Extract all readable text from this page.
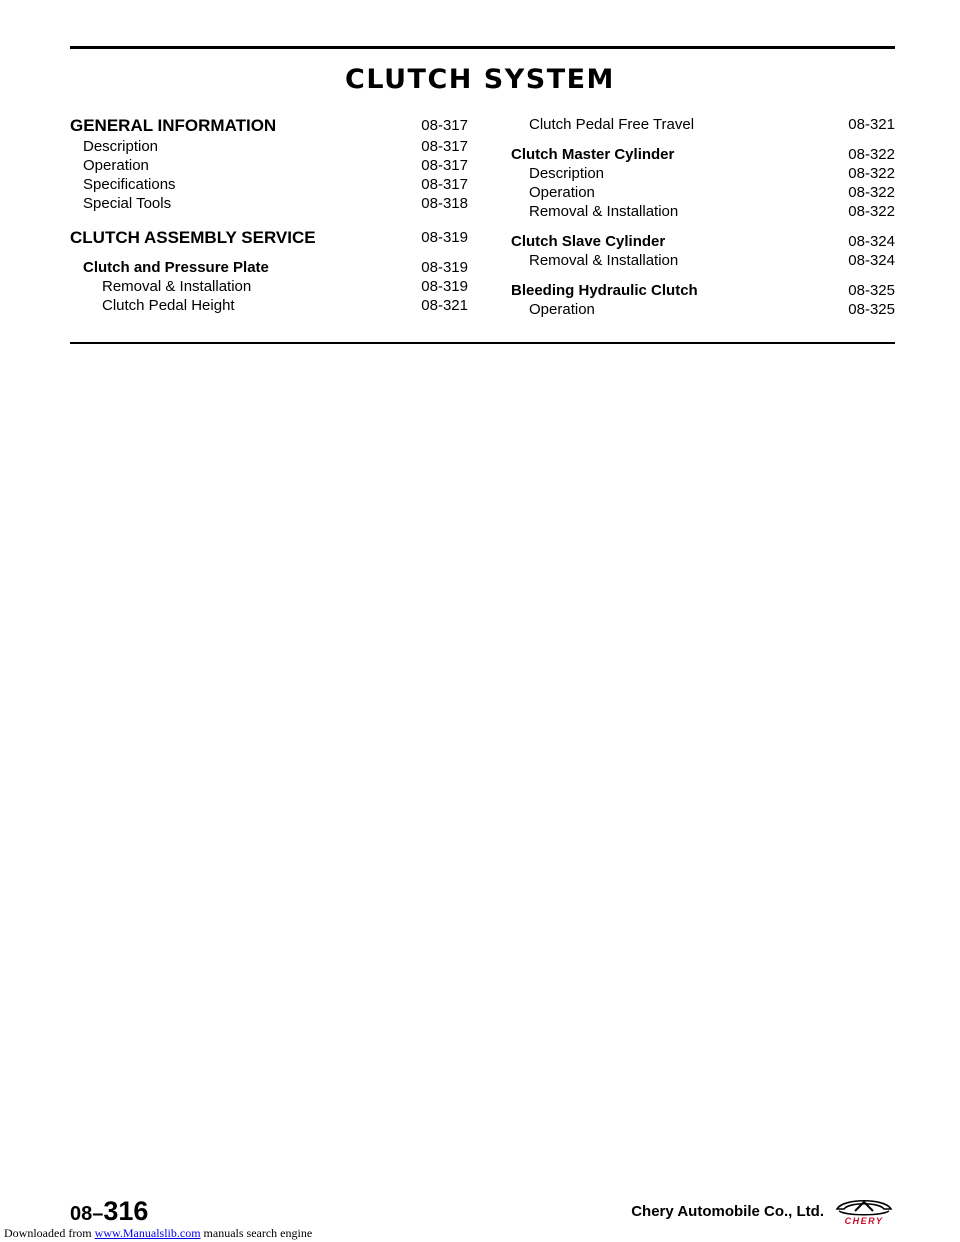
CLUTCH SYSTEM
GENERAL INFORMATION	08-317
Description	08-317
Operation	08-317
Specifications	08-317
Special Tools	08-318
CLUTCH ASSEMBLY SERVICE	08-319
Clutch and Pressure Plate	08-319
Removal & Installation	08-319
Clutch Pedal Height	08-321
Clutch Pedal Free Travel	08-321
Clutch Master Cylinder	08-322
Description	08-322
Operation	08-322
Removal & Installation	08-322
Clutch Slave Cylinder	08-324
Removal & Installation	08-324
Bleeding Hydraulic Clutch	08-325
Operation	08-325
08–316	Chery Automobile Co., Ltd.
CHERY
Downloaded from www.Manualslib.com manuals search engine
